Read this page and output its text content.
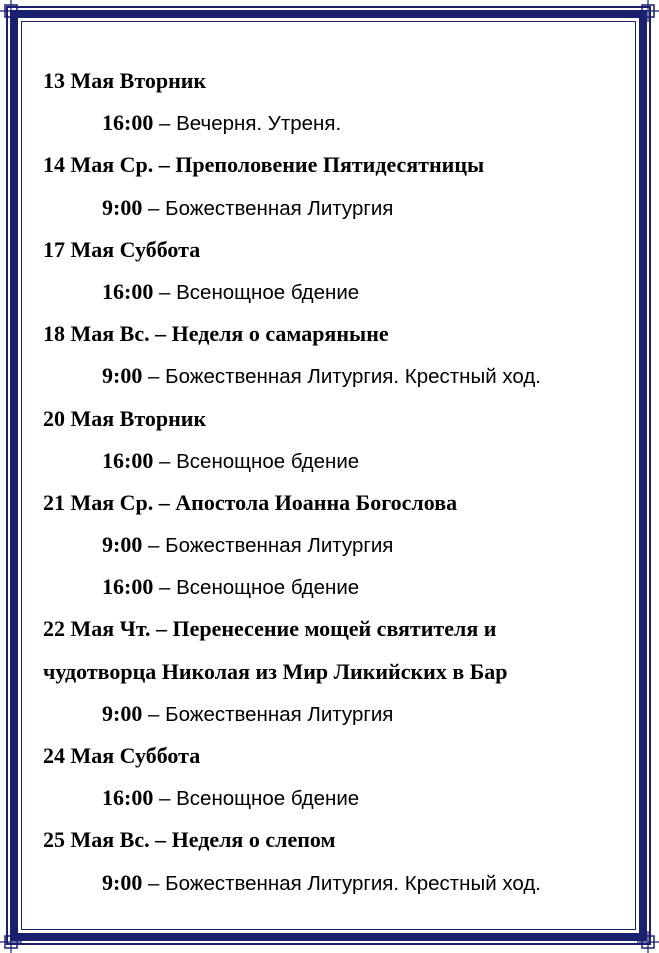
13 Мая Вторник
16:00 – Вечерня. Утреня.
14 Мая Ср. – Преполовение Пятидесятницы
9:00 – Божественная Литургия
17 Мая Суббота
16:00 – Всенощное бдение
18 Мая Вс. – Неделя о самаряныне
9:00 – Божественная Литургия. Крестный ход.
20 Мая Вторник
16:00 – Всенощное бдение
21 Мая Ср. – Апостола Иоанна Богослова
9:00 – Божественная Литургия
16:00 – Всенощное бдение
22 Мая Чт. – Перенесение мощей святителя и
чудотворца Николая из Мир Ликийских в Бар
9:00 – Божественная Литургия
24 Мая Суббота
16:00 – Всенощное бдение
25 Мая Вс. – Неделя о слепом
9:00 – Божественная Литургия. Крестный ход.
